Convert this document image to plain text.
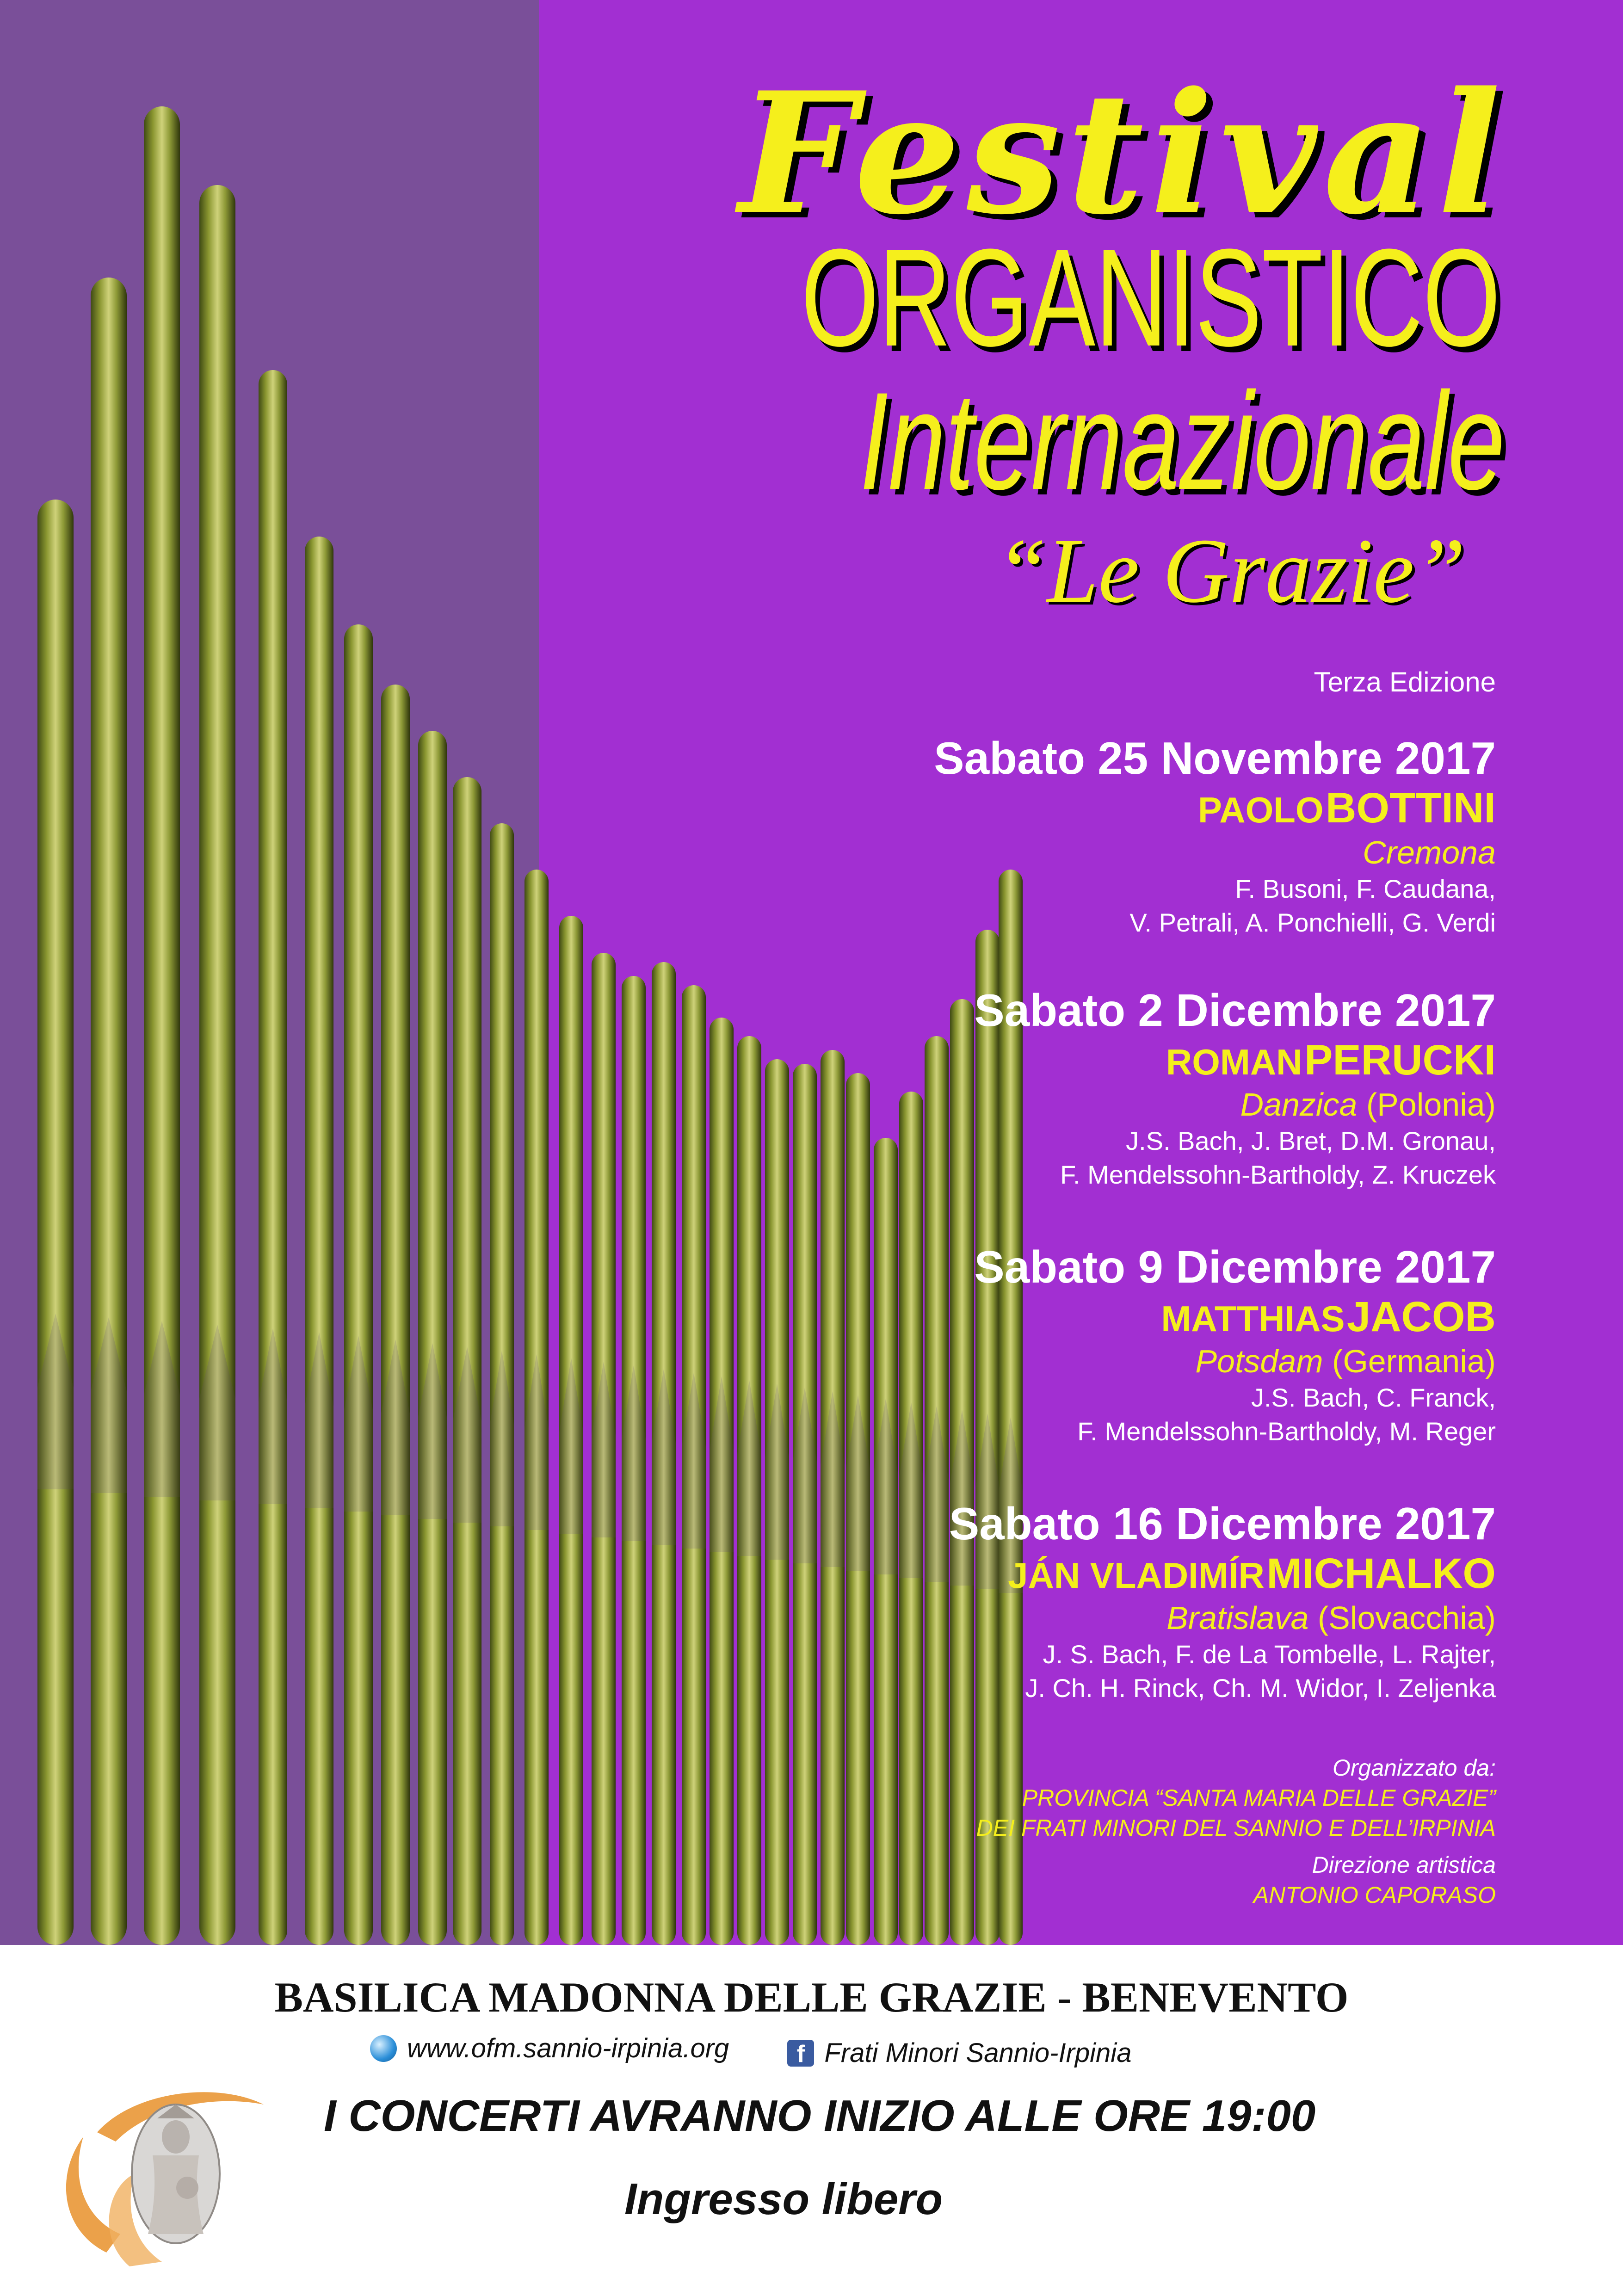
Festival
ORGANISTICO
Internazionale
“Le Grazie”
Terza Edizione
Sabato 25 Novembre 2017
PAOLO BOTTINI
Cremona
F. Busoni, F. Caudana,
V. Petrali, A. Ponchielli, G. Verdi
Sabato 2 Dicembre 2017
ROMAN PERUCKI
Danzica (Polonia)
J.S. Bach, J. Bret, D.M. Gronau,
F. Mendelssohn-Bartholdy, Z. Kruczek
Sabato 9 Dicembre 2017
MATTHIAS JACOB
Potsdam (Germania)
J.S. Bach, C. Franck,
F. Mendelssohn-Bartholdy, M. Reger
Sabato 16 Dicembre 2017
JÁN VLADIMÍR MICHALKO
Bratislava (Slovacchia)
J. S. Bach, F. de La Tombelle, L. Rajter,
J. Ch. H. Rinck, Ch. M. Widor, I. Zeljenka
Organizzato da:
PROVINCIA “SANTA MARIA DELLE GRAZIE”
DEI FRATI MINORI DEL SANNIO E DELL’IRPINIA
Direzione artistica
ANTONIO CAPORASO
BASILICA MADONNA DELLE GRAZIE - BENEVENTO
www.ofm.sannio-irpinia.org
	f Frati Minori Sannio-Irpinia
I CONCERTI AVRANNO INIZIO ALLE ORE 19:00
Ingresso libero
